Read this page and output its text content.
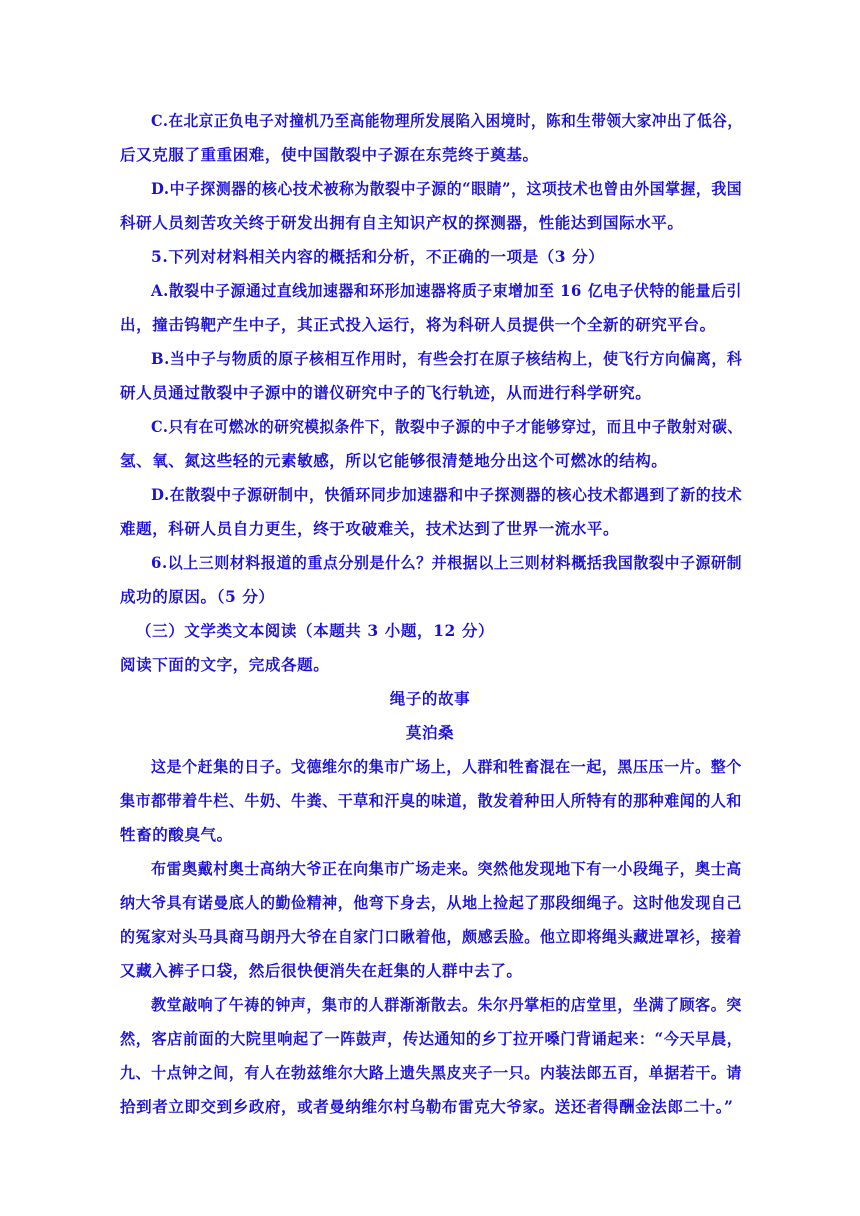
C.在北京正负电子对撞机乃至高能物理所发展陷入困境时，陈和生带领大家冲出了低谷，
后又克服了重重困难，使中国散裂中子源在东莞终于奠基。
D.中子探测器的核心技术被称为散裂中子源的“眼睛”，这项技术也曾由外国掌握，我国
科研人员刻苦攻关终于研发出拥有自主知识产权的探测器，性能达到国际水平。
5.下列对材料相关内容的概括和分析，不正确的一项是（3 分）
A.散裂中子源通过直线加速器和环形加速器将质子束增加至 16 亿电子伏特的能量后引
出，撞击钨靶产生中子，其正式投入运行，将为科研人员提供一个全新的研究平台。
B.当中子与物质的原子核相互作用时，有些会打在原子核结构上，使飞行方向偏离，科
研人员通过散裂中子源中的谱仪研究中子的飞行轨迹，从而进行科学研究。
C.只有在可燃冰的研究模拟条件下，散裂中子源的中子才能够穿过，而且中子散射对碳、
氢、氧、氮这些轻的元素敏感，所以它能够很清楚地分出这个可燃冰的结构。
D.在散裂中子源研制中，快循环同步加速器和中子探测器的核心技术都遇到了新的技术
难题，科研人员自力更生，终于攻破难关，技术达到了世界一流水平。
6.以上三则材料报道的重点分别是什么？并根据以上三则材料概括我国散裂中子源研制
成功的原因。（5 分）
（三）文学类文本阅读（本题共 3 小题，12 分）
阅读下面的文字，完成各题。
绳子的故事
莫泊桑
这是个赶集的日子。戈德维尔的集市广场上，人群和牲畜混在一起，黑压压一片。整个
集市都带着牛栏、牛奶、牛粪、干草和汗臭的味道，散发着种田人所特有的那种难闻的人和
牲畜的酸臭气。
布雷奥戴村奥士高纳大爷正在向集市广场走来。突然他发现地下有一小段绳子，奥士高
纳大爷具有诺曼底人的勤俭精神，他弯下身去，从地上捡起了那段细绳子。这时他发现自己
的冤家对头马具商马朗丹大爷在自家门口瞅着他，颇感丢脸。他立即将绳头藏进罩衫，接着
又藏入裤子口袋，然后很快便消失在赶集的人群中去了。
教堂敲响了午祷的钟声，集市的人群渐渐散去。朱尔丹掌柜的店堂里，坐满了顾客。突
然，客店前面的大院里响起了一阵鼓声，传达通知的乡丁拉开嗓门背诵起来：“今天早晨，
九、十点钟之间，有人在勃兹维尔大路上遗失黑皮夹子一只。内装法郎五百，单据若干。请
拾到者立即交到乡政府，或者曼纳维尔村乌勒布雷克大爷家。送还者得酬金法郎二十。”
